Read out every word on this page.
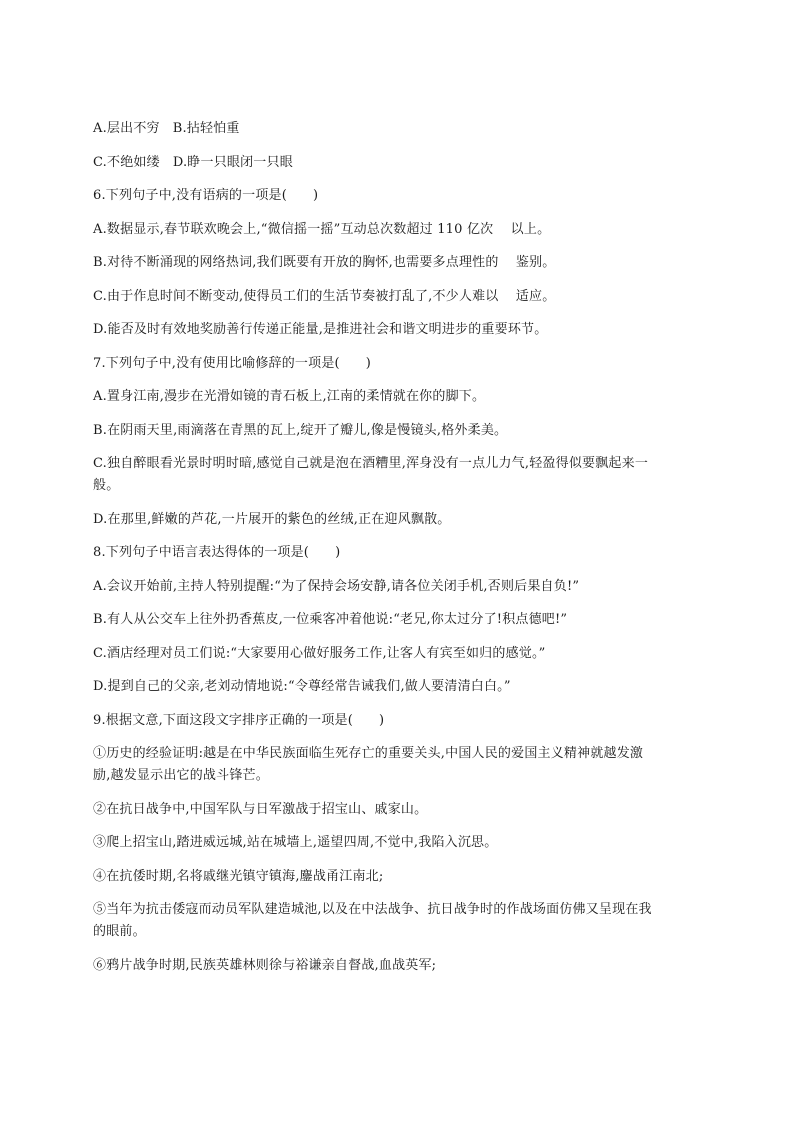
A.层出不穷   B.拈轻怕重
C.不绝如缕   D.睁一只眼闭一只眼
6.下列句子中,没有语病的一项是(      )
A.数据显示,春节联欢晚会上,“微信摇一摇”互动总次数超过 110 亿次    以上。
B.对待不断涌现的网络热词,我们既要有开放的胸怀,也需要多点理性的    鉴别。
C.由于作息时间不断变动,使得员工们的生活节奏被打乱了,不少人难以    适应。
D.能否及时有效地奖励善行传递正能量,是推进社会和谐文明进步的重要环节。
7.下列句子中,没有使用比喻修辞的一项是(      )
A.置身江南,漫步在光滑如镜的青石板上,江南的柔情就在你的脚下。
B.在阴雨天里,雨滴落在青黑的瓦上,绽开了瓣儿,像是慢镜头,格外柔美。
C.独自醉眼看光景时明时暗,感觉自己就是泡在酒糟里,浑身没有一点儿力气,轻盈得似要飘起来一
般。
D.在那里,鲜嫩的芦花,一片展开的紫色的丝绒,正在迎风飘散。
8.下列句子中语言表达得体的一项是(      )
A.会议开始前,主持人特别提醒:“为了保持会场安静,请各位关闭手机,否则后果自负!”
B.有人从公交车上往外扔香蕉皮,一位乘客冲着他说:“老兄,你太过分了!积点德吧!”
C.酒店经理对员工们说:“大家要用心做好服务工作,让客人有宾至如归的感觉。”
D.提到自己的父亲,老刘动情地说:“令尊经常告诫我们,做人要清清白白。”
9.根据文意,下面这段文字排序正确的一项是(      )
①历史的经验证明:越是在中华民族面临生死存亡的重要关头,中国人民的爱国主义精神就越发激
励,越发显示出它的战斗锋芒。
②在抗日战争中,中国军队与日军激战于招宝山、戚家山。
③爬上招宝山,踏进威远城,站在城墙上,遥望四周,不觉中,我陷入沉思。
④在抗倭时期,名将戚继光镇守镇海,鏖战甬江南北;
⑤当年为抗击倭寇而动员军队建造城池,以及在中法战争、抗日战争时的作战场面仿佛又呈现在我
的眼前。
⑥鸦片战争时期,民族英雄林则徐与裕谦亲自督战,血战英军;
